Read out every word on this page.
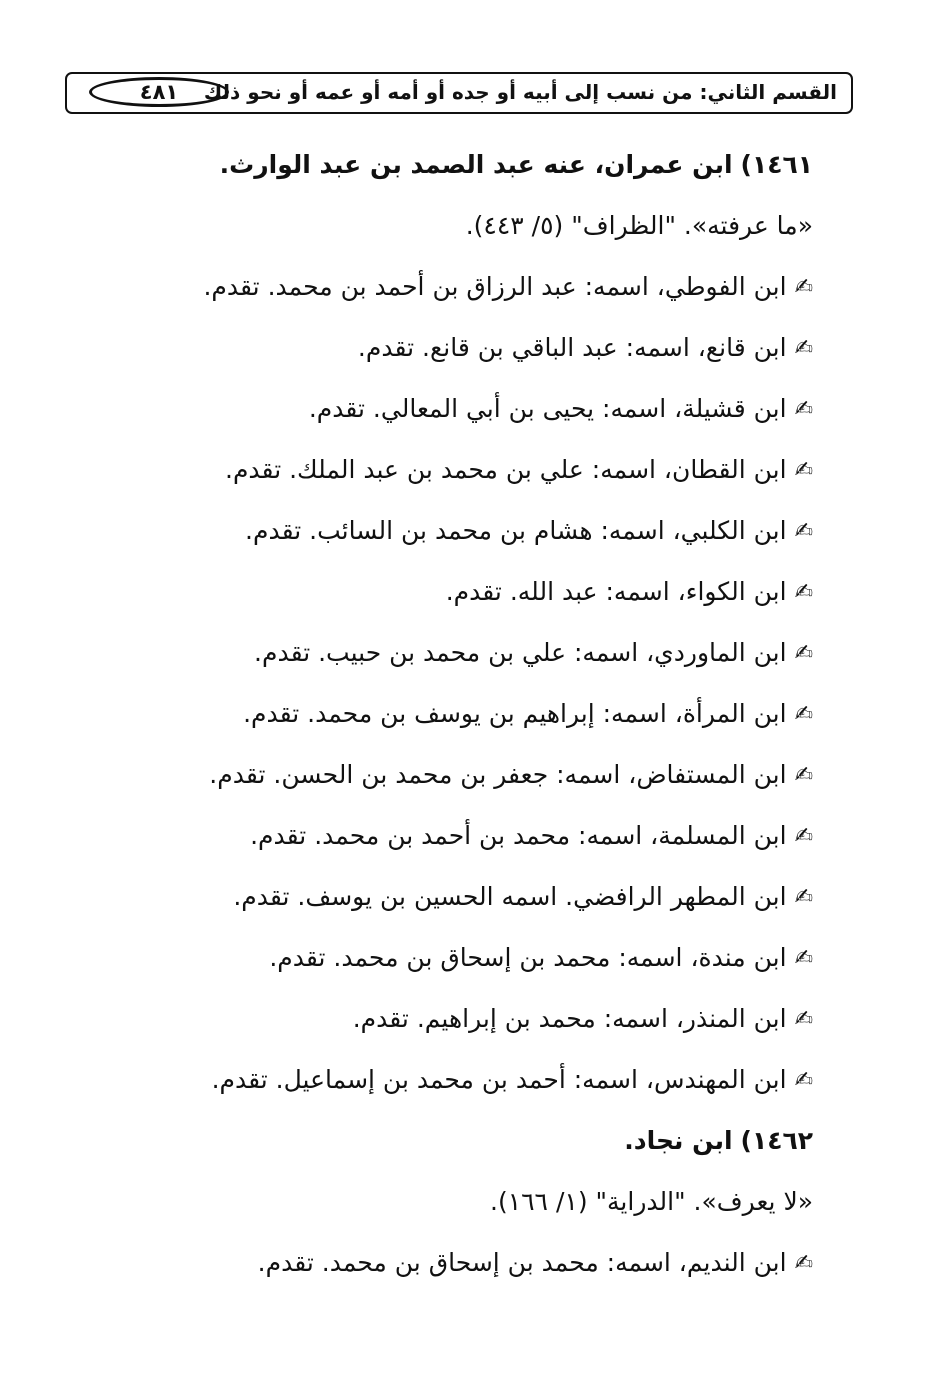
القسم الثاني: من نسب إلى أبيه أو جده أو أمه أو عمه أو نحو ذلك
٤٨١
١٤٦١) ابن عمران، عنه عبد الصمد بن عبد الوارث.
«ما عرفته». "الظراف" (٥/ ٤٤٣).
✍ابن الفوطي، اسمه: عبد الرزاق بن أحمد بن محمد. تقدم.
✍ابن قانع، اسمه: عبد الباقي بن قانع. تقدم.
✍ابن قشيلة، اسمه: يحيى بن أبي المعالي. تقدم.
✍ابن القطان، اسمه: علي بن محمد بن عبد الملك. تقدم.
✍ابن الكلبي، اسمه: هشام بن محمد بن السائب. تقدم.
✍ابن الكواء، اسمه: عبد الله. تقدم.
✍ابن الماوردي، اسمه: علي بن محمد بن حبيب. تقدم.
✍ابن المرأة، اسمه: إبراهيم بن يوسف بن محمد. تقدم.
✍ابن المستفاض، اسمه: جعفر بن محمد بن الحسن. تقدم.
✍ابن المسلمة، اسمه: محمد بن أحمد بن محمد. تقدم.
✍ابن المطهر الرافضي. اسمه الحسين بن يوسف. تقدم.
✍ابن مندة، اسمه: محمد بن إسحاق بن محمد. تقدم.
✍ابن المنذر، اسمه: محمد بن إبراهيم. تقدم.
✍ابن المهندس، اسمه: أحمد بن محمد بن إسماعيل. تقدم.
١٤٦٢) ابن نجاد.
«لا يعرف». "الدراية" (١/ ١٦٦).
✍ابن النديم، اسمه: محمد بن إسحاق بن محمد. تقدم.
